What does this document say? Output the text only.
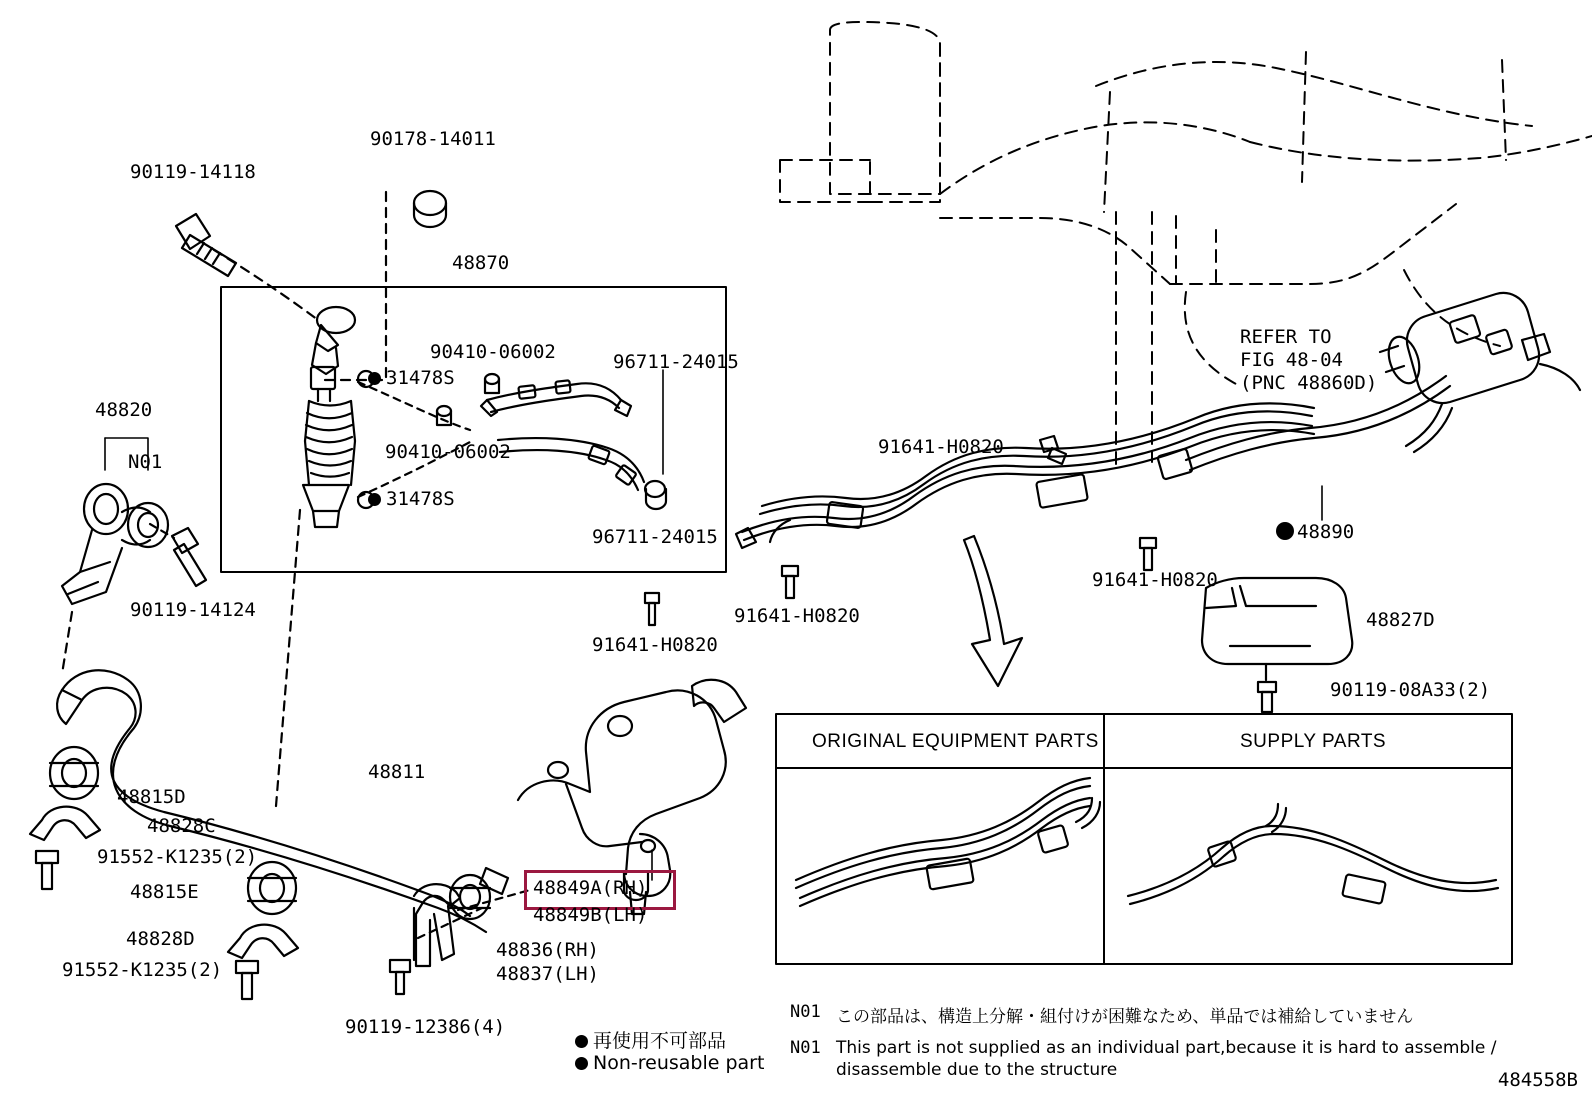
90119-14118
90178-14011
48870
48820
N01
31478S
31478S
90410-06002
90410-06002
96711-24015
96711-24015
90119-14124
91641-H0820
91641-H0820
91641-H0820
91641-H0820
REFER TO
FIG 48-04
(PNC 48860D)
48890
48827D
90119-08A33(2)
48815D
48828C
91552-K1235(2)
48815E
48828D
91552-K1235(2)
48811
90119-12386(4)
48849A(RH)
48849B(LH)
48836(RH)
48837(LH)
再使用不可部品
Non-reusable part
ORIGINAL EQUIPMENT PARTS	SUPPLY PARTS
N01 この部品は、構造上分解・組付けが困難なため、単品では補給していません
N01 This part is not supplied as an individual part,because it is hard to assemble /
disassemble due to the structure	484558B
